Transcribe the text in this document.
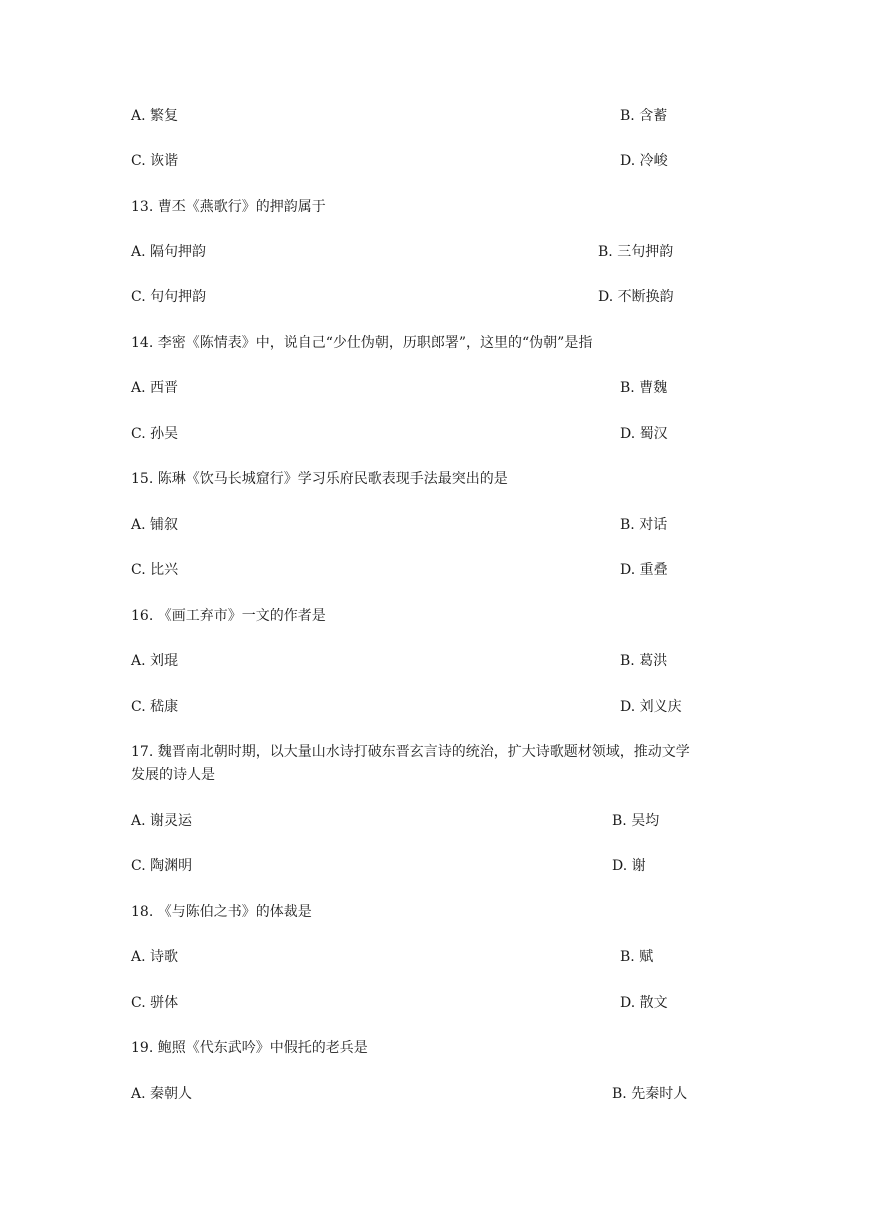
A. 繁复	B. 含蓄
C. 诙谐	D. 冷峻
13. 曹丕《燕歌行》的押韵属于
A. 隔句押韵	B. 三句押韵
C. 句句押韵	D. 不断换韵
14. 李密《陈情表》中，说自己“少仕伪朝，历职郎署”，这里的“伪朝”是指
A. 西晋	B. 曹魏
C. 孙吴	D. 蜀汉
15. 陈琳《饮马长城窟行》学习乐府民歌表现手法最突出的是
A. 铺叙	B. 对话
C. 比兴	D. 重叠
16. 《画工弃市》一文的作者是
A. 刘琨	B. 葛洪
C. 嵇康	D. 刘义庆
17. 魏晋南北朝时期，以大量山水诗打破东晋玄言诗的统治，扩大诗歌题材领域，推动文学
发展的诗人是
A. 谢灵运	B. 吴均
C. 陶渊明	D. 谢
18. 《与陈伯之书》的体裁是
A. 诗歌	B. 赋
C. 骈体	D. 散文
19. 鲍照《代东武吟》中假托的老兵是
A. 秦朝人	B. 先秦时人
